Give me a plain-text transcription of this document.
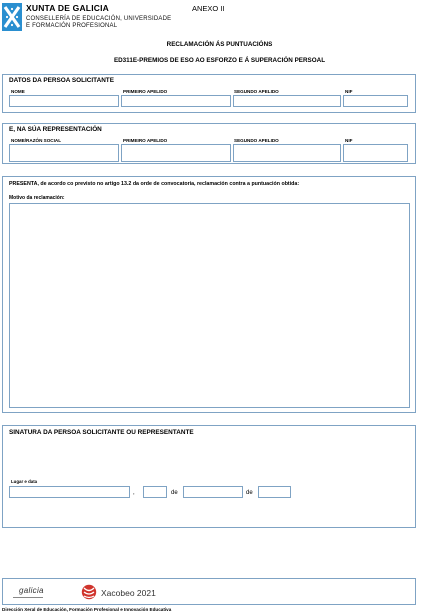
XUNTA DE GALICIA
CONSELLERÍA DE EDUCACIÓN, UNIVERSIDADE
E FORMACIÓN PROFESIONAL
ANEXO II
RECLAMACIÓN ÁS PUNTUACIÓNS
ED311E-PREMIOS DE ESO AO ESFORZO E Á SUPERACIÓN PERSOAL
DATOS DA PERSOA SOLICITANTE
NOME	PRIMEIRO APELIDO	SEGUNDO APELIDO	NIF
E, NA SÚA REPRESENTACIÓN
NOME/RAZÓN SOCIAL	PRIMEIRO APELIDO	SEGUNDO APELIDO	NIF
PRESENTA, de acordo co previsto no artigo 13.2 da orde de convocatoria, reclamación contra a puntuación obtida:
Motivo da reclamación:
SINATURA DA PERSOA SOLICITANTE OU REPRESENTANTE
Lugar e data
,	de	de
galicia	Xacobeo 2021
Dirección Xeral de Educación, Formación Profesional e Innovación Educativa
